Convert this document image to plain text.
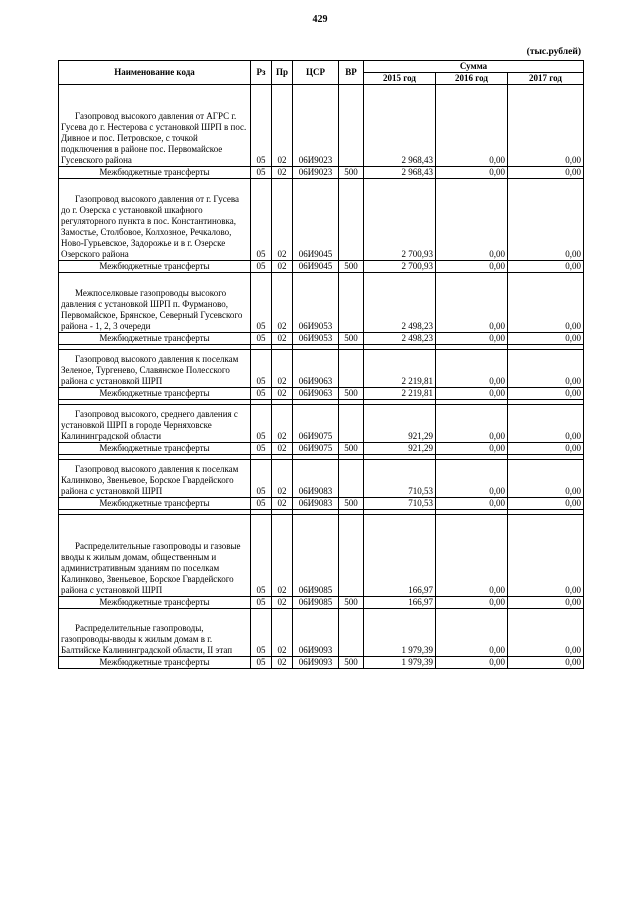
429
(тыс.рублей)
Наименование кода	Рз	Пр	ЦСР	ВР	Сумма		
					2015 год	2016 год	2017 год
Газопровод высокого давления от АГРС г. Гусева до г. Нестерова с установкой ШРП в пос. Дивное и пос. Петровское, с точкой подключения в районе пос. Первомайское Гусевского района	05	02	06И9023		2 968,43	0,00	0,00
Межбюджетные трансферты	05	02	06И9023	500	2 968,43	0,00	0,00
Газопровод высокого давления от г. Гусева до г. Озерска с установкой шкафного регуляторного пункта в пос. Константиновка, Замостье, Столбовое, Колхозное, Речкалово, Ново-Гурьевское, Задорожье и в г. Озерске Озерского района	05	02	06И9045		2 700,93	0,00	0,00
Межбюджетные трансферты	05	02	06И9045	500	2 700,93	0,00	0,00
Межпоселковые газопроводы высокого давления с установкой ШРП п. Фурманово, Первомайское, Брянское, Северный Гусевского района - 1, 2, 3 очереди	05	02	06И9053		2 498,23	0,00	0,00
Межбюджетные трансферты	05	02	06И9053	500	2 498,23	0,00	0,00

Газопровод высокого давления к поселкам Зеленое, Тургенево, Славянское Полесского района с установкой ШРП	05	02	06И9063		2 219,81	0,00	0,00
Межбюджетные трансферты	05	02	06И9063	500	2 219,81	0,00	0,00

Газопровод высокого, среднего давления с установкой ШРП в городе Черняховске Калининградской области	05	02	06И9075		921,29	0,00	0,00
Межбюджетные трансферты	05	02	06И9075	500	921,29	0,00	0,00

Газопровод высокого давления к поселкам Калинково, Звеньевое, Борское Гвардейского района с установкой ШРП	05	02	06И9083		710,53	0,00	0,00
Межбюджетные трансферты	05	02	06И9083	500	710,53	0,00	0,00

Распределительные газопроводы и газовые вводы к жилым домам, общественным и административным зданиям по поселкам Калинково, Звеньевое, Борское Гвардейского района с установкой ШРП	05	02	06И9085		166,97	0,00	0,00
Межбюджетные трансферты	05	02	06И9085	500	166,97	0,00	0,00
Распределительные газопроводы, газопроводы-вводы к жилым домам в г. Балтийске Калининградской области, II этап	05	02	06И9093		1 979,39	0,00	0,00
Межбюджетные трансферты	05	02	06И9093	500	1 979,39	0,00	0,00
